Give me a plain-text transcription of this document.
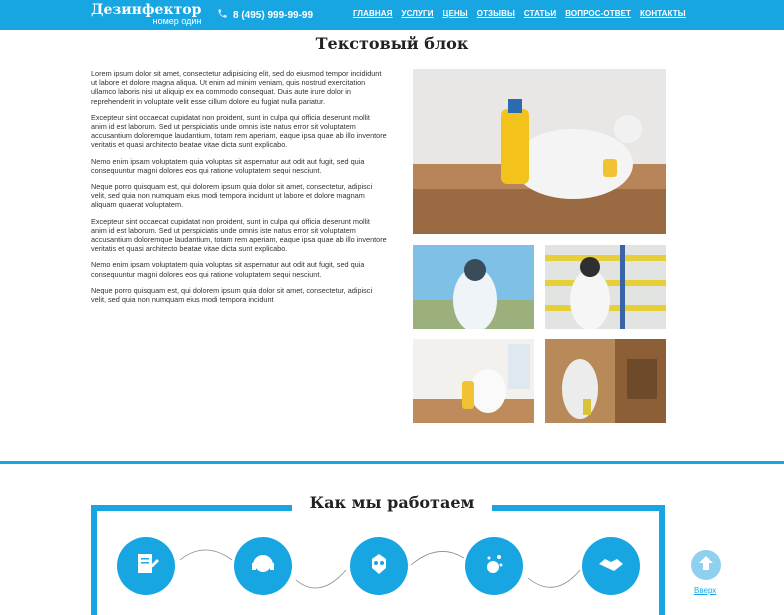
Дезинфектор
номер один
8 (495) 999-99-99	ГЛАВНАЯ УСЛУГИ ЦЕНЫ ОТЗЫВЫ СТАТЬИ ВОПРОС-ОТВЕТ КОНТАКТЫ
Текстовый блок

Lorem ipsum dolor sit amet, consectetur adipisicing elit, sed do eiusmod tempor incididunt ut labore et dolore magna aliqua. Ut enim ad minim veniam, quis nostrud exercitation ullamco laboris nisi ut aliquip ex ea commodo consequat. Duis aute irure dolor in reprehenderit in voluptate velit esse cillum dolore eu fugiat nulla pariatur.

Excepteur sint occaecat cupidatat non proident, sunt in culpa qui officia deserunt mollit anim id est laborum. Sed ut perspiciatis unde omnis iste natus error sit voluptatem accusantium doloremque laudantium, totam rem aperiam, eaque ipsa quae ab illo inventore veritatis et quasi architecto beatae vitae dicta sunt explicabo.

Nemo enim ipsam voluptatem quia voluptas sit aspernatur aut odit aut fugit, sed quia consequuntur magni dolores eos qui ratione voluptatem sequi nesciunt.

Neque porro quisquam est, qui dolorem ipsum quia dolor sit amet, consectetur, adipisci velit, sed quia non numquam eius modi tempora incidunt ut labore et dolore magnam aliquam quaerat voluptatem.

Excepteur sint occaecat cupidatat non proident, sunt in culpa qui officia deserunt mollit anim id est laborum. Sed ut perspiciatis unde omnis iste natus error sit voluptatem accusantium doloremque laudantium, totam rem aperiam, eaque ipsa quae ab illo inventore veritatis et quasi architecto beatae vitae dicta sunt explicabo.

Nemo enim ipsam voluptatem quia voluptas sit aspernatur aut odit aut fugit, sed quia consequuntur magni dolores eos qui ratione voluptatem sequi nesciunt.

Neque porro quisquam est, qui dolorem ipsum quia dolor sit amet, consectetur, adipisci velit, sed quia non numquam eius modi tempora incidunt

Как мы работаем
Вверх
